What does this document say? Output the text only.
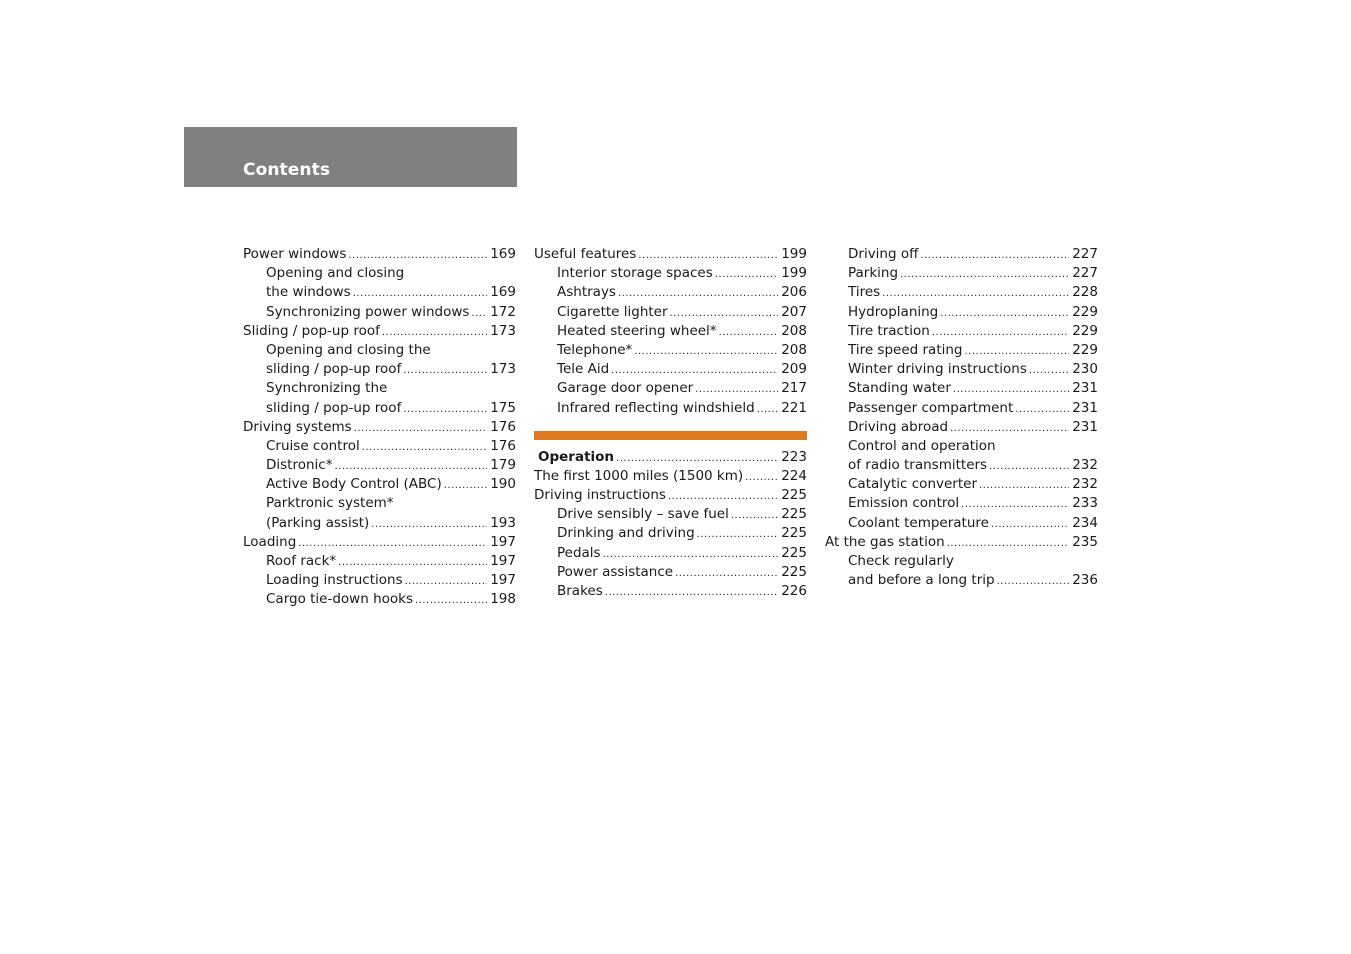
Contents
Power windows .....	169
Opening and closing
the windows .....	169
Synchronizing power windows ..... 172
Sliding / pop-up roof .....	173
Opening and closing the
sliding / pop-up roof .....	173
Synchronizing the
sliding / pop-up roof .....	175
Driving systems .....	176
Cruise control .....	176
Distronic* .....	179
Active Body Control (ABC) .....	190
Parktronic system*
(Parking assist) .....	193
Loading .....	197
Roof rack* .....	197
Loading instructions .....	197
Cargo tie-down hooks .....	198
Useful features .....	199
Interior storage spaces .....	199
Ashtrays .....	206
Cigarette lighter .....	207
Heated steering wheel* .....	208
Telephone* .....	208
Tele Aid .....	209
Garage door opener .....	217
Infrared reflecting windshield ..... 221
Operation .....	223
The first 1000 miles (1500 km) .....	224
Driving instructions .....	225
Drive sensibly – save fuel .....	225
Drinking and driving .....	225
Pedals .....	225
Power assistance .....	225
Brakes .....	226
Driving off .....	227
Parking .....	227
Tires .....	228
Hydroplaning .....	229
Tire traction .....	229
Tire speed rating .....	229
Winter driving instructions .....	230
Standing water .....	231
Passenger compartment .....	231
Driving abroad .....	231
Control and operation
of radio transmitters .....	232
Catalytic converter .....	232
Emission control .....	233
Coolant temperature .....	234
At the gas station .....	235
Check regularly
and before a long trip .....	236
